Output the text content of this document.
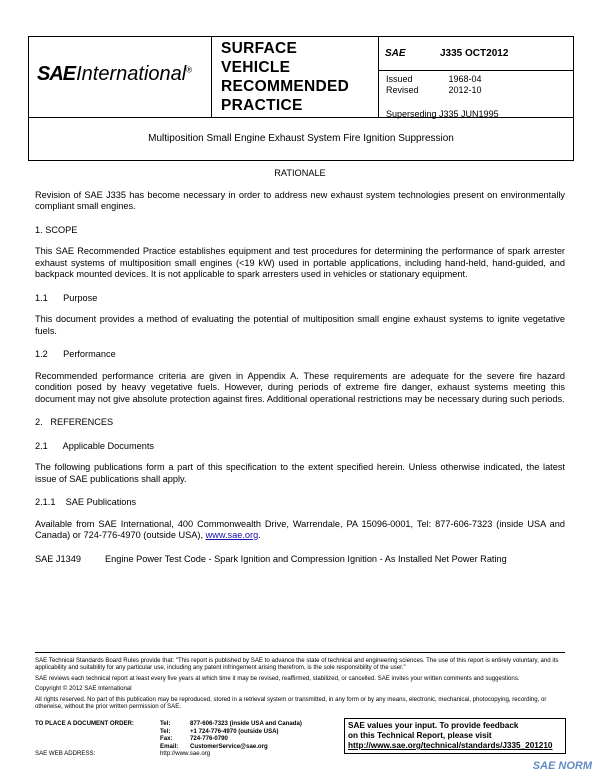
SAEInternational®
SURFACE
VEHICLE
RECOMMENDED
PRACTICE
SAE	J335 OCT2012
Issued	1968-04
Revised	2012-10
Superseding J335 JUN1995
Multiposition Small Engine Exhaust System Fire Ignition Suppression

RATIONALE

Revision of SAE J335 has become necessary in order to address new exhaust system technologies present on environmentally compliant small engines.

1. SCOPE

This SAE Recommended Practice establishes equipment and test procedures for determining the performance of spark arrester exhaust systems of multiposition small engines (<19 kW) used in portable applications, including hand-held, hand-guided, and backpack mounted devices. It is not applicable to spark arresters used in vehicles or stationary equipment.

1.1      Purpose

This document provides a method of evaluating the potential of multiposition small engine exhaust systems to ignite vegetative fuels.

1.2      Performance

Recommended performance criteria are given in Appendix A. These requirements are adequate for the severe fire hazard condition posed by heavy vegetative fuels. However, during periods of extreme fire danger, exhaust systems meeting this document may not give absolute protection against fires. Additional operational restrictions may be necessary during such periods.

2.   REFERENCES

2.1      Applicable Documents

The following publications form a part of this specification to the extent specified herein. Unless otherwise indicated, the latest issue of SAE publications shall apply.

2.1.1    SAE Publications

Available from SAE International, 400 Commonwealth Drive, Warrendale, PA 15096-0001, Tel: 877-606-7323 (inside USA and Canada) or 724-776-4970 (outside USA), www.sae.org.

SAE J1349	Engine Power Test Code - Spark Ignition and Compression Ignition - As Installed Net Power Rating

SAE Technical Standards Board Rules provide that: "This report is published by SAE to advance the state of technical and engineering sciences. The use of this report is entirely voluntary, and its applicability and suitability for any particular use, including any patent infringement arising therefrom, is the sole responsibility of the user."

SAE reviews each technical report at least every five years at which time it may be revised, reaffirmed, stabilized, or cancelled. SAE invites your written comments and suggestions.

Copyright © 2012 SAE International

All rights reserved. No part of this publication may be reproduced, stored in a retrieval system or transmitted, in any form or by any means, electronic, mechanical, photocopying, recording, or otherwise, without the prior written permission of SAE.

TO PLACE A DOCUMENT ORDER:	Tel:	877-606-7323 (inside USA and Canada)
	Tel:	+1 724-776-4970 (outside USA)
	Fax:	724-776-0790
	Email:	CustomerService@sae.org
SAE WEB ADDRESS:	http://www.sae.org	
SAE values your input. To provide feedback
on this Technical Report, please visit
http://www.sae.org/technical/standards/J335_201210
SAE NORM
